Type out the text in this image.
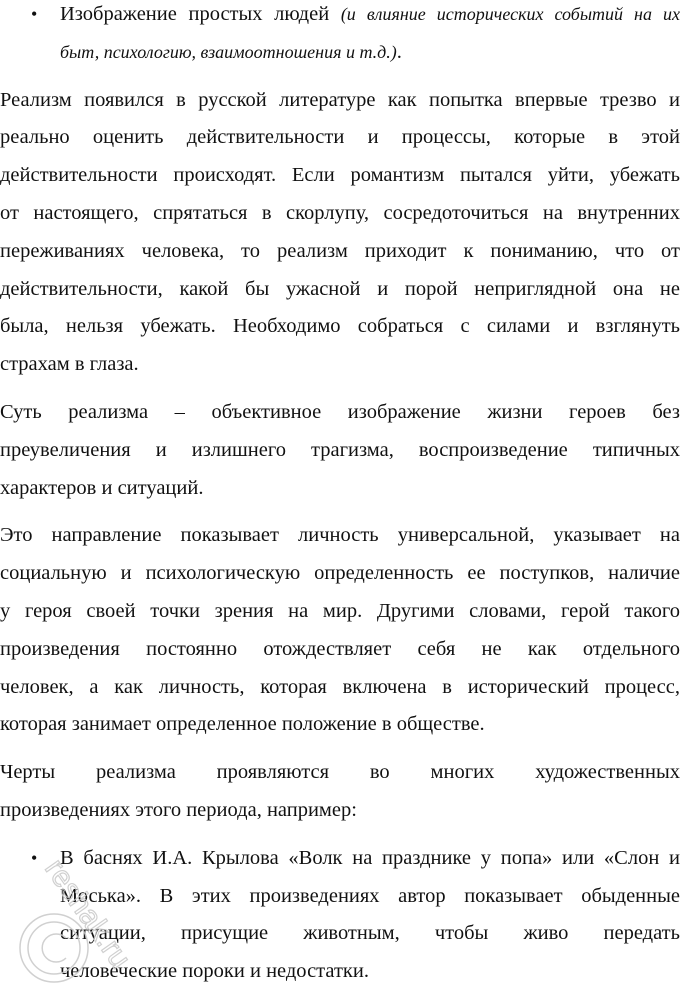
• Изображение простых людей (и влияние исторических событий на их
быт, психологию, взаимоотношения и т.д.).
Реализм появился в русской литературе как попытка впервые трезво и
реально оценить действительности и процессы, которые в этой
действительности происходят. Если романтизм пытался уйти, убежать
от настоящего, спрятаться в скорлупу, сосредоточиться на внутренних
переживаниях человека, то реализм приходит к пониманию, что от
действительности, какой бы ужасной и порой неприглядной она не
была, нельзя убежать. Необходимо собраться с силами и взглянуть
страхам в глаза.
Суть реализма – объективное изображение жизни героев без
преувеличения и излишнего трагизма, воспроизведение типичных
характеров и ситуаций.
Это направление показывает личность универсальной, указывает на
социальную и психологическую определенность ее поступков, наличие
у героя своей точки зрения на мир. Другими словами, герой такого
произведения постоянно отождествляет себя не как отдельного
человек, а как личность, которая включена в исторический процесс,
которая занимает определенное положение в обществе.
Черты реализма проявляются во многих художественных
произведениях этого периода, например:
• В баснях И.А. Крылова «Волк на празднике у попа» или «Слон и
Моська». В этих произведениях автор показывает обыденные
ситуации, присущие животным, чтобы живо передать
человеческие пороки и недостатки.
reshak.ru
